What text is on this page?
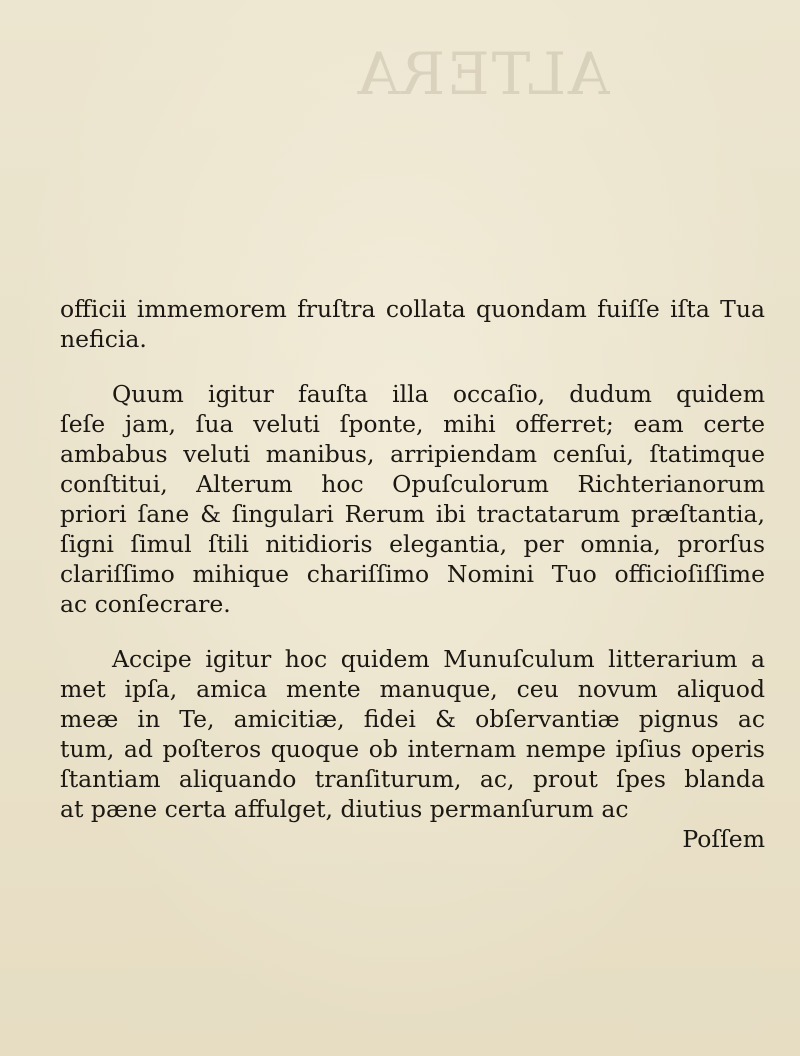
ALTERA
officii immemorem fruſtra collata quondam fuiſſe iſta Tua
neficia.
Quum igitur fauſta illa occaſio, dudum quidem
ſeſe jam, ſua veluti ſponte, mihi offerret; eam certe
ambabus veluti manibus, arripiendam cenſui, ſtatimque
conſtitui, Alterum hoc Opuſculorum Richterianorum
priori ſane & ſingulari Rerum ibi tractatarum præſtantia,
ſigni ſimul ſtili nitidioris elegantia, per omnia, prorſus
clariſſimo mihique chariſſimo Nomini Tuo officioſiſſime
ac conſecrare.
Accipe igitur hoc quidem Munuſculum litterarium a
met ipſa, amica mente manuque, ceu novum aliquod
meæ in Te, amicitiæ, fidei & obſervantiæ pignus ac
tum, ad poſteros quoque ob internam nempe ipſius operis
ſtantiam aliquando tranſiturum, ac, prout ſpes blanda
at pæne certa affulget, diutius permanſurum ac
Poſſem
